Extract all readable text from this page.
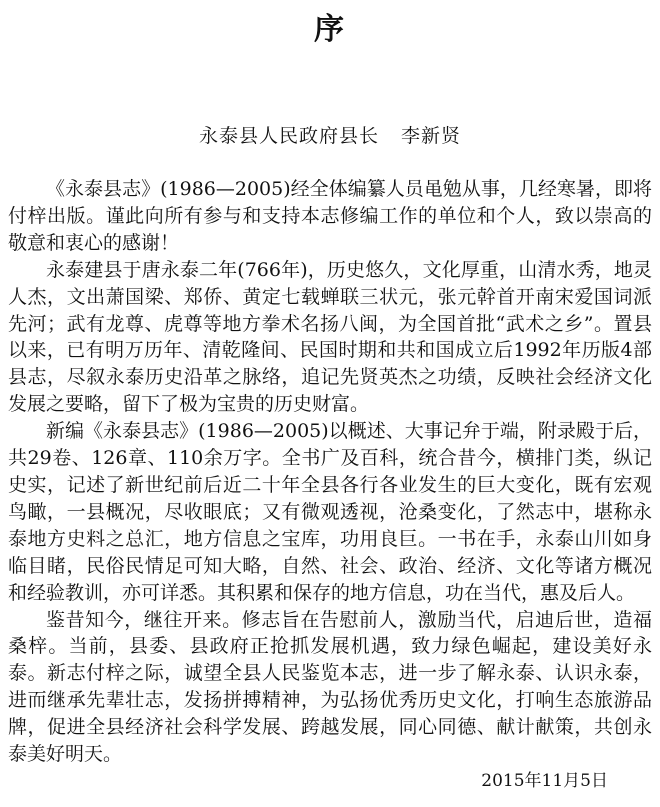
序
永泰县人民政府县长 李新贤

《永泰县志》(1986—2005)经全体编纂人员黾勉从事，几经寒暑，即将付梓出版。谨此向所有参与和支持本志修编工作的单位和个人，致以崇高的敬意和衷心的感谢！

永泰建县于唐永泰二年(766年)，历史悠久，文化厚重，山清水秀，地灵人杰，文出萧国梁、郑侨、黄定七载蝉联三状元，张元幹首开南宋爱国词派先河；武有龙尊、虎尊等地方拳术名扬八闽，为全国首批“武术之乡”。置县以来，已有明万历年、清乾隆间、民国时期和共和国成立后1992年历版4部县志，尽叙永泰历史沿革之脉络，追记先贤英杰之功绩，反映社会经济文化发展之要略，留下了极为宝贵的历史财富。

新编《永泰县志》(1986—2005)以概述、大事记弁于端，附录殿于后，共29卷、126章、110余万字。全书广及百科，统合昔今，横排门类，纵记史实，记述了新世纪前后近二十年全县各行各业发生的巨大变化，既有宏观鸟瞰，一县概况，尽收眼底；又有微观透视，沧桑变化，了然志中，堪称永泰地方史料之总汇，地方信息之宝库，功用良巨。一书在手，永泰山川如身临目睹，民俗民情足可知大略，自然、社会、政治、经济、文化等诸方概况和经验教训，亦可详悉。其积累和保存的地方信息，功在当代，惠及后人。

鉴昔知今，继往开来。修志旨在告慰前人，激励当代，启迪后世，造福桑梓。当前，县委、县政府正抢抓发展机遇，致力绿色崛起，建设美好永泰。新志付梓之际，诚望全县人民鉴览本志，进一步了解永泰、认识永泰，进而继承先辈壮志，发扬拼搏精神，为弘扬优秀历史文化，打响生态旅游品牌，促进全县经济社会科学发展、跨越发展，同心同德、献计献策，共创永泰美好明天。

2015年11月5日
